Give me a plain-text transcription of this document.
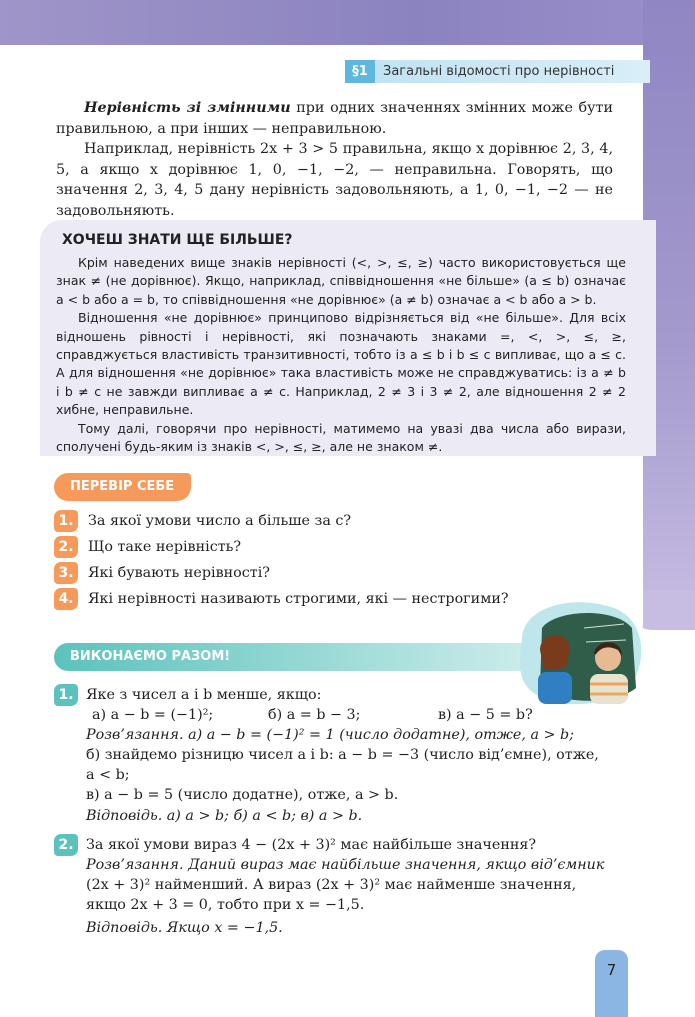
§1	Загальні відомості про нерівності

Нерівність зі змінними при одних значеннях змінних може бути правильною, а при інших — неправильною.

Наприклад, нерівність 2x + 3 > 5 правильна, якщо x дорівнює 2, 3, 4, 5, а якщо x дорівнює 1, 0, −1, −2, — неправильна. Говорять, що значення 2, 3, 4, 5 дану нерівність задовольняють, а 1, 0, −1, −2 — не задовольняють.

ХОЧЕШ ЗНАТИ ЩЕ БІЛЬШЕ?

Крім наведених вище знаків нерівності (<, >, ≤, ≥) часто використовується ще знак ≠ (не дорівнює). Якщо, наприклад, співвідношення «не більше» (a ≤ b) означає a < b або a = b, то співвідношення «не дорівнює» (a ≠ b) означає a < b або a > b.

Відношення «не дорівнює» принципово відрізняється від «не більше». Для всіх відношень рівності і нерівності, які позначають знаками =, <, >, ≤, ≥, справджується властивість транзитивності, тобто із a ≤ b і b ≤ c випливає, що a ≤ c. А для відношення «не дорівнює» така властивість може не справджуватись: із a ≠ b і b ≠ c не завжди випливає a ≠ c. Наприклад, 2 ≠ 3 і 3 ≠ 2, але відношення 2 ≠ 2 хибне, неправильне.

Тому далі, говорячи про нерівності, матимемо на увазі два числа або вирази, сполучені будь-яким із знаків <, >, ≤, ≥, але не знаком ≠.

ПЕРЕВІР СЕБЕ
1.	За якої умови число a більше за c?
2.	Що таке нерівність?
3.	Які бувають нерівності?
4.	Які нерівності називають строгими, які — нестрогими?
ВИКОНАЄМО РАЗОМ!
1. Яке з чисел a і b менше, якщо:
а) a − b = (−1)²;	б) a = b − 3;	в) a − 5 = b?
Розв’язання. а) a − b = (−1)² = 1 (число додатне), отже, a > b;
б) знайдемо різницю чисел a і b: a − b = −3 (число від’ємне), отже,
a < b;
в) a − b = 5 (число додатне), отже, a > b.
Відповідь. а) a > b; б) a < b; в) a > b.
2. За якої умови вираз 4 − (2x + 3)² має найбільше значення?
Розв’язання. Даний вираз має найбільше значення, якщо від’ємник
(2x + 3)² найменший. А вираз (2x + 3)² має найменше значення,
якщо 2x + 3 = 0, тобто при x = −1,5.
Відповідь. Якщо x = −1,5.
7
